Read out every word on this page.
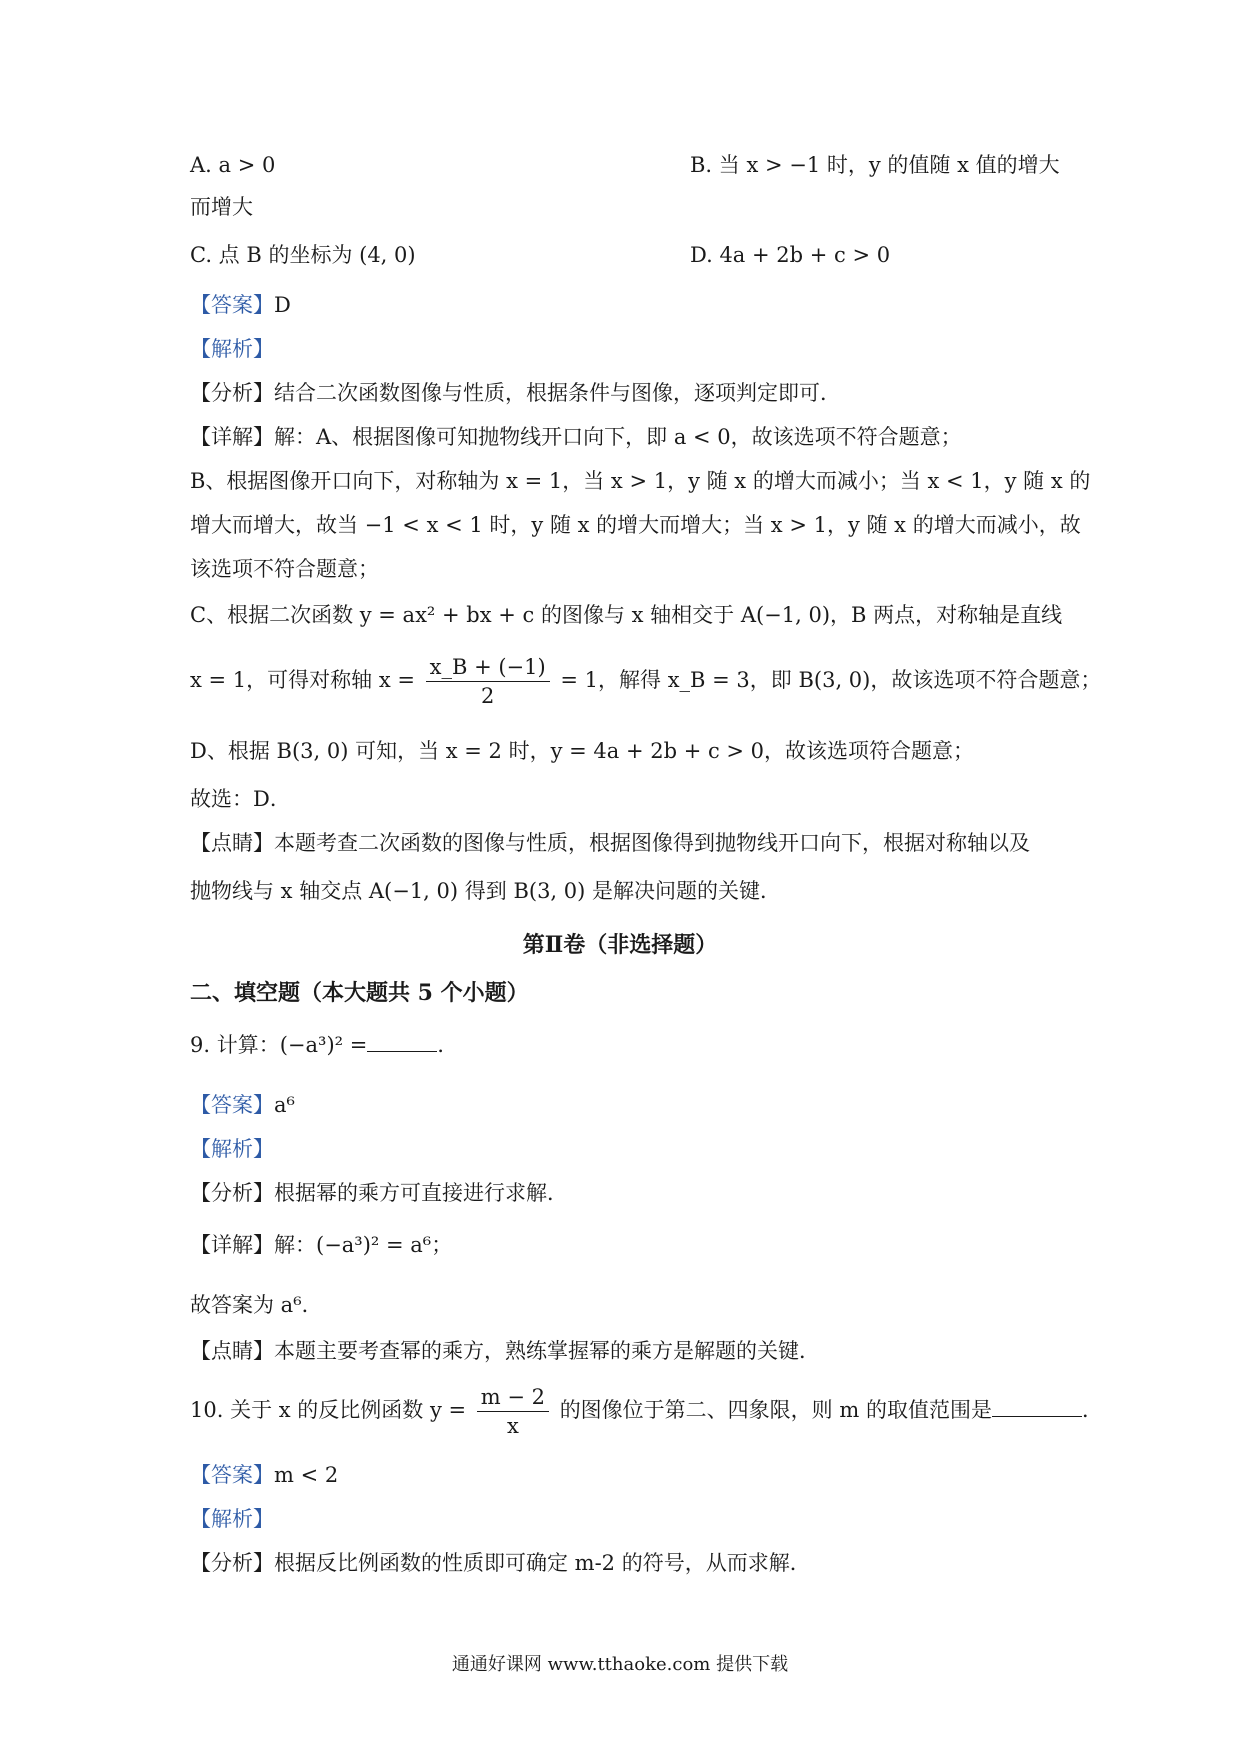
A. a > 0	B. 当 x > −1 时，y 的值随 x 值的增大
而增大
C. 点 B 的坐标为 (4, 0)	D. 4a + 2b + c > 0
【答案】D
【解析】
【分析】结合二次函数图像与性质，根据条件与图像，逐项判定即可．
【详解】解：A、根据图像可知抛物线开口向下，即 a < 0，故该选项不符合题意；
B、根据图像开口向下，对称轴为 x = 1，当 x > 1，y 随 x 的增大而减小；当 x < 1，y 随 x 的
增大而增大，故当 −1 < x < 1 时，y 随 x 的增大而增大；当 x > 1，y 随 x 的增大而减小，故
该选项不符合题意；
C、根据二次函数 y = ax² + bx + c 的图像与 x 轴相交于 A(−1, 0)，B 两点，对称轴是直线
x = 1，可得对称轴 $x = \frac{x\_B + (-1)}{2} = 1$，解得 x_B = 3，即 B(3, 0)，故该选项不符合题意；
D、根据 B(3, 0) 可知，当 x = 2 时，y = 4a + 2b + c > 0，故该选项符合题意；
故选：D．
【点睛】本题考查二次函数的图像与性质，根据图像得到抛物线开口向下，根据对称轴以及
抛物线与 x 轴交点 A(−1, 0) 得到 B(3, 0) 是解决问题的关键．
第Ⅱ卷（非选择题）
二、填空题（本大题共 5 个小题）
9. 计算：(−a³)² =	．
【答案】a⁶
【解析】
【分析】根据幂的乘方可直接进行求解．
【详解】解：(−a³)² = a⁶；
故答案为 a⁶．
【点睛】本题主要考查幂的乘方，熟练掌握幂的乘方是解题的关键．
10. 关于 x 的反比例函数 $y = \frac{m - 2}{x}$ 的图像位于第二、四象限，则 m 的取值范围是	．
【答案】m < 2
【解析】
【分析】根据反比例函数的性质即可确定 m-2 的符号，从而求解．
通通好课网 www.tthaoke.com 提供下载
